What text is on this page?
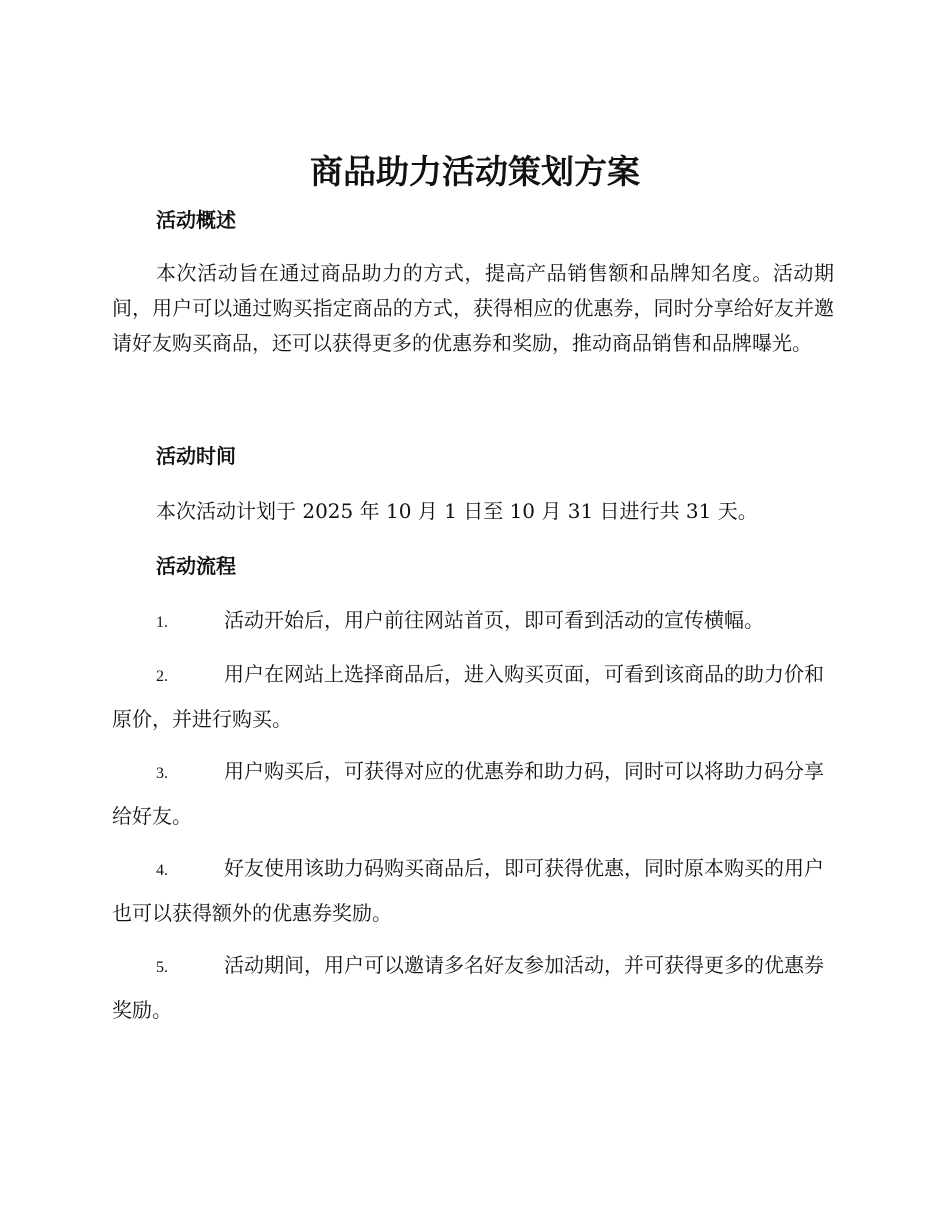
商品助力活动策划方案
活动概述

本次活动旨在通过商品助力的方式，提高产品销售额和品牌知名度。活动期间，用户可以通过购买指定商品的方式，获得相应的优惠券，同时分享给好友并邀请好友购买商品，还可以获得更多的优惠券和奖励，推动商品销售和品牌曝光。

活动时间
本次活动计划于 2025 年 10 月 1 日至 10 月 31 日进行共 31 天。
活动流程

1.	活动开始后，用户前往网站首页，即可看到活动的宣传横幅。

2.	用户在网站上选择商品后，进入购买页面，可看到该商品的助力价和原价，并进行购买。

3.	用户购买后，可获得对应的优惠券和助力码，同时可以将助力码分享给好友。

4.	好友使用该助力码购买商品后，即可获得优惠，同时原本购买的用户也可以获得额外的优惠券奖励。

5.	活动期间，用户可以邀请多名好友参加活动，并可获得更多的优惠券奖励。
